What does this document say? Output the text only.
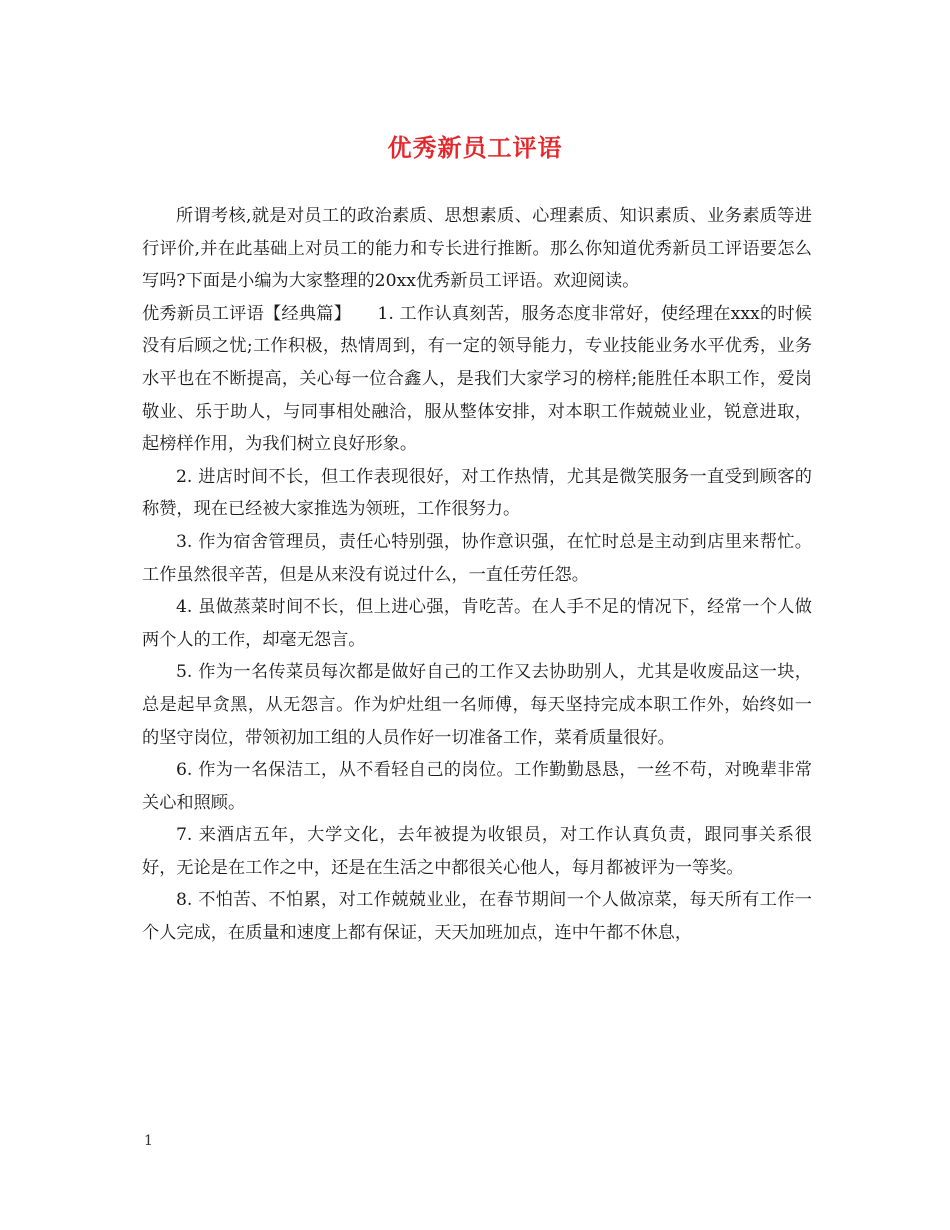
优秀新员工评语

所谓考核,就是对员工的政治素质、思想素质、心理素质、知识素质、业务素质等进行评价,并在此基础上对员工的能力和专长进行推断。那么你知道优秀新员工评语要怎么写吗?下面是小编为大家整理的20xx优秀新员工评语。欢迎阅读。

优秀新员工评语【经典篇】　　1. 工作认真刻苦，服务态度非常好，使经理在xxx的时候没有后顾之忧;工作积极，热情周到，有一定的领导能力，专业技能业务水平优秀，业务水平也在不断提高，关心每一位合鑫人，是我们大家学习的榜样;能胜任本职工作，爱岗敬业、乐于助人，与同事相处融洽，服从整体安排，对本职工作兢兢业业，锐意进取，起榜样作用，为我们树立良好形象。

2. 进店时间不长，但工作表现很好，对工作热情，尤其是微笑服务一直受到顾客的称赞，现在已经被大家推选为领班，工作很努力。

3. 作为宿舍管理员，责任心特别强，协作意识强，在忙时总是主动到店里来帮忙。工作虽然很辛苦，但是从来没有说过什么，一直任劳任怨。

4. 虽做蒸菜时间不长，但上进心强，肯吃苦。在人手不足的情况下，经常一个人做两个人的工作，却毫无怨言。

5. 作为一名传菜员每次都是做好自己的工作又去协助别人，尤其是收废品这一块，总是起早贪黑，从无怨言。作为炉灶组一名师傅，每天坚持完成本职工作外，始终如一的坚守岗位，带领初加工组的人员作好一切准备工作，菜肴质量很好。

6. 作为一名保洁工，从不看轻自己的岗位。工作勤勤恳恳，一丝不苟，对晚辈非常关心和照顾。

7. 来酒店五年，大学文化，去年被提为收银员，对工作认真负责，跟同事关系很好，无论是在工作之中，还是在生活之中都很关心他人，每月都被评为一等奖。

8. 不怕苦、不怕累，对工作兢兢业业，在春节期间一个人做凉菜，每天所有工作一个人完成，在质量和速度上都有保证，天天加班加点，连中午都不休息，

1
